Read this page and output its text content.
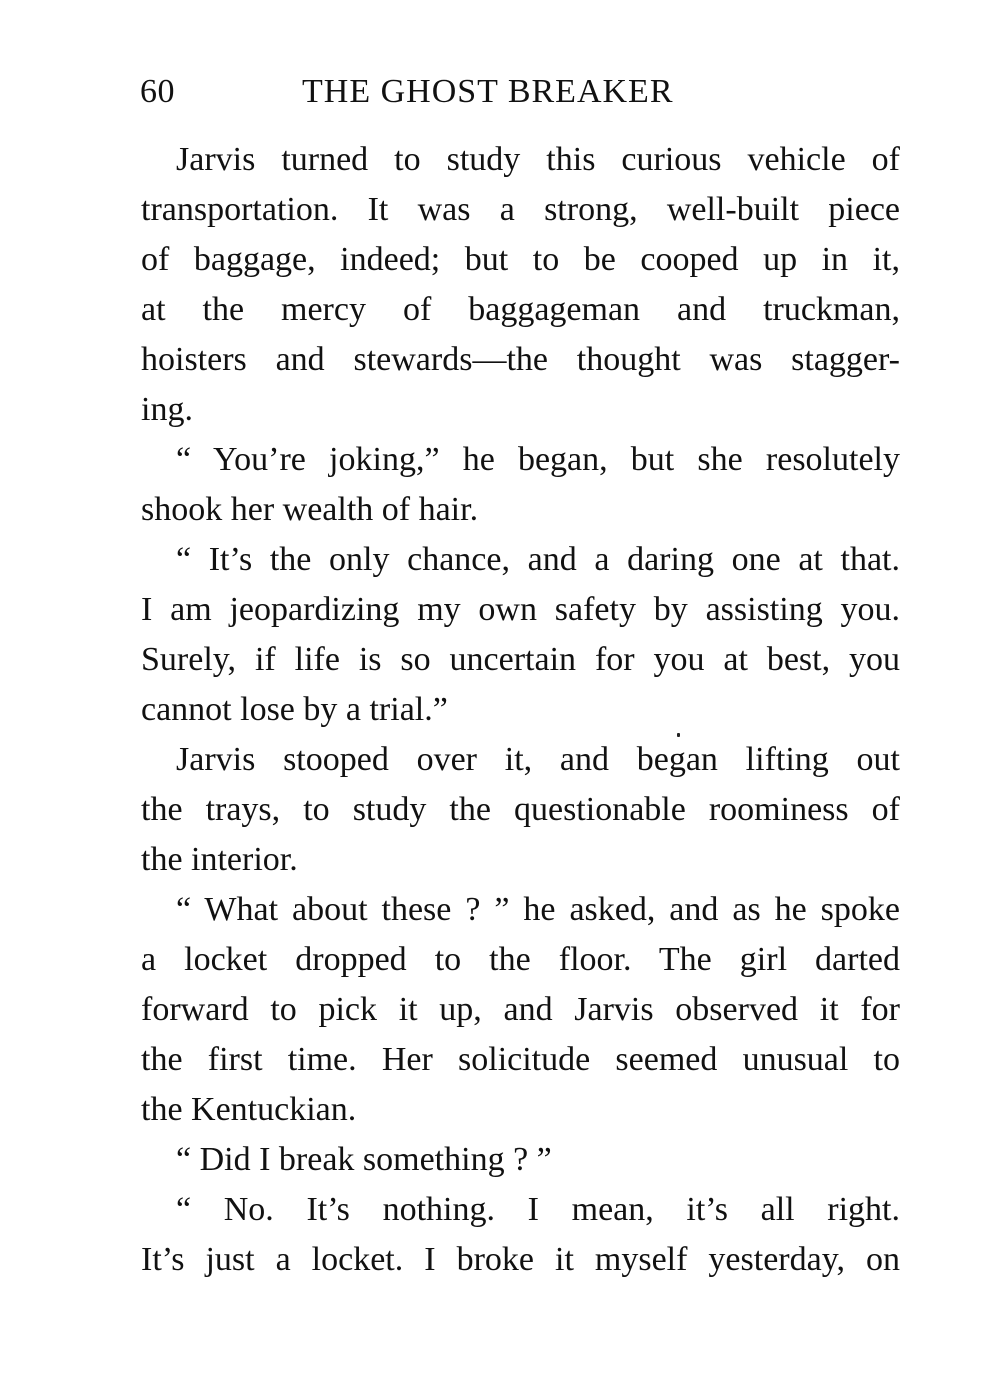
60	THE GHOST BREAKER
Jarvis turned to study this curious vehicle of
transportation. It was a strong, well-built piece
of baggage, indeed; but to be cooped up in it,
at the mercy of baggageman and truckman,
hoisters and stewards—the thought was stagger-
ing.
“ You’re joking,” he began, but she resolutely
shook her wealth of hair.
“ It’s the only chance, and a daring one at that.
I am jeopardizing my own safety by assisting you.
Surely, if life is so uncertain for you at best, you
cannot lose by a trial.”
Jarvis stooped over it, and began lifting out
the trays, to study the questionable roominess of
the interior.
“ What about these ? ” he asked, and as he spoke
a locket dropped to the floor. The girl darted
forward to pick it up, and Jarvis observed it for
the first time. Her solicitude seemed unusual to
the Kentuckian.
“ Did I break something ? ”
“ No. It’s nothing. I mean, it’s all right.
It’s just a locket. I broke it myself yesterday, on
